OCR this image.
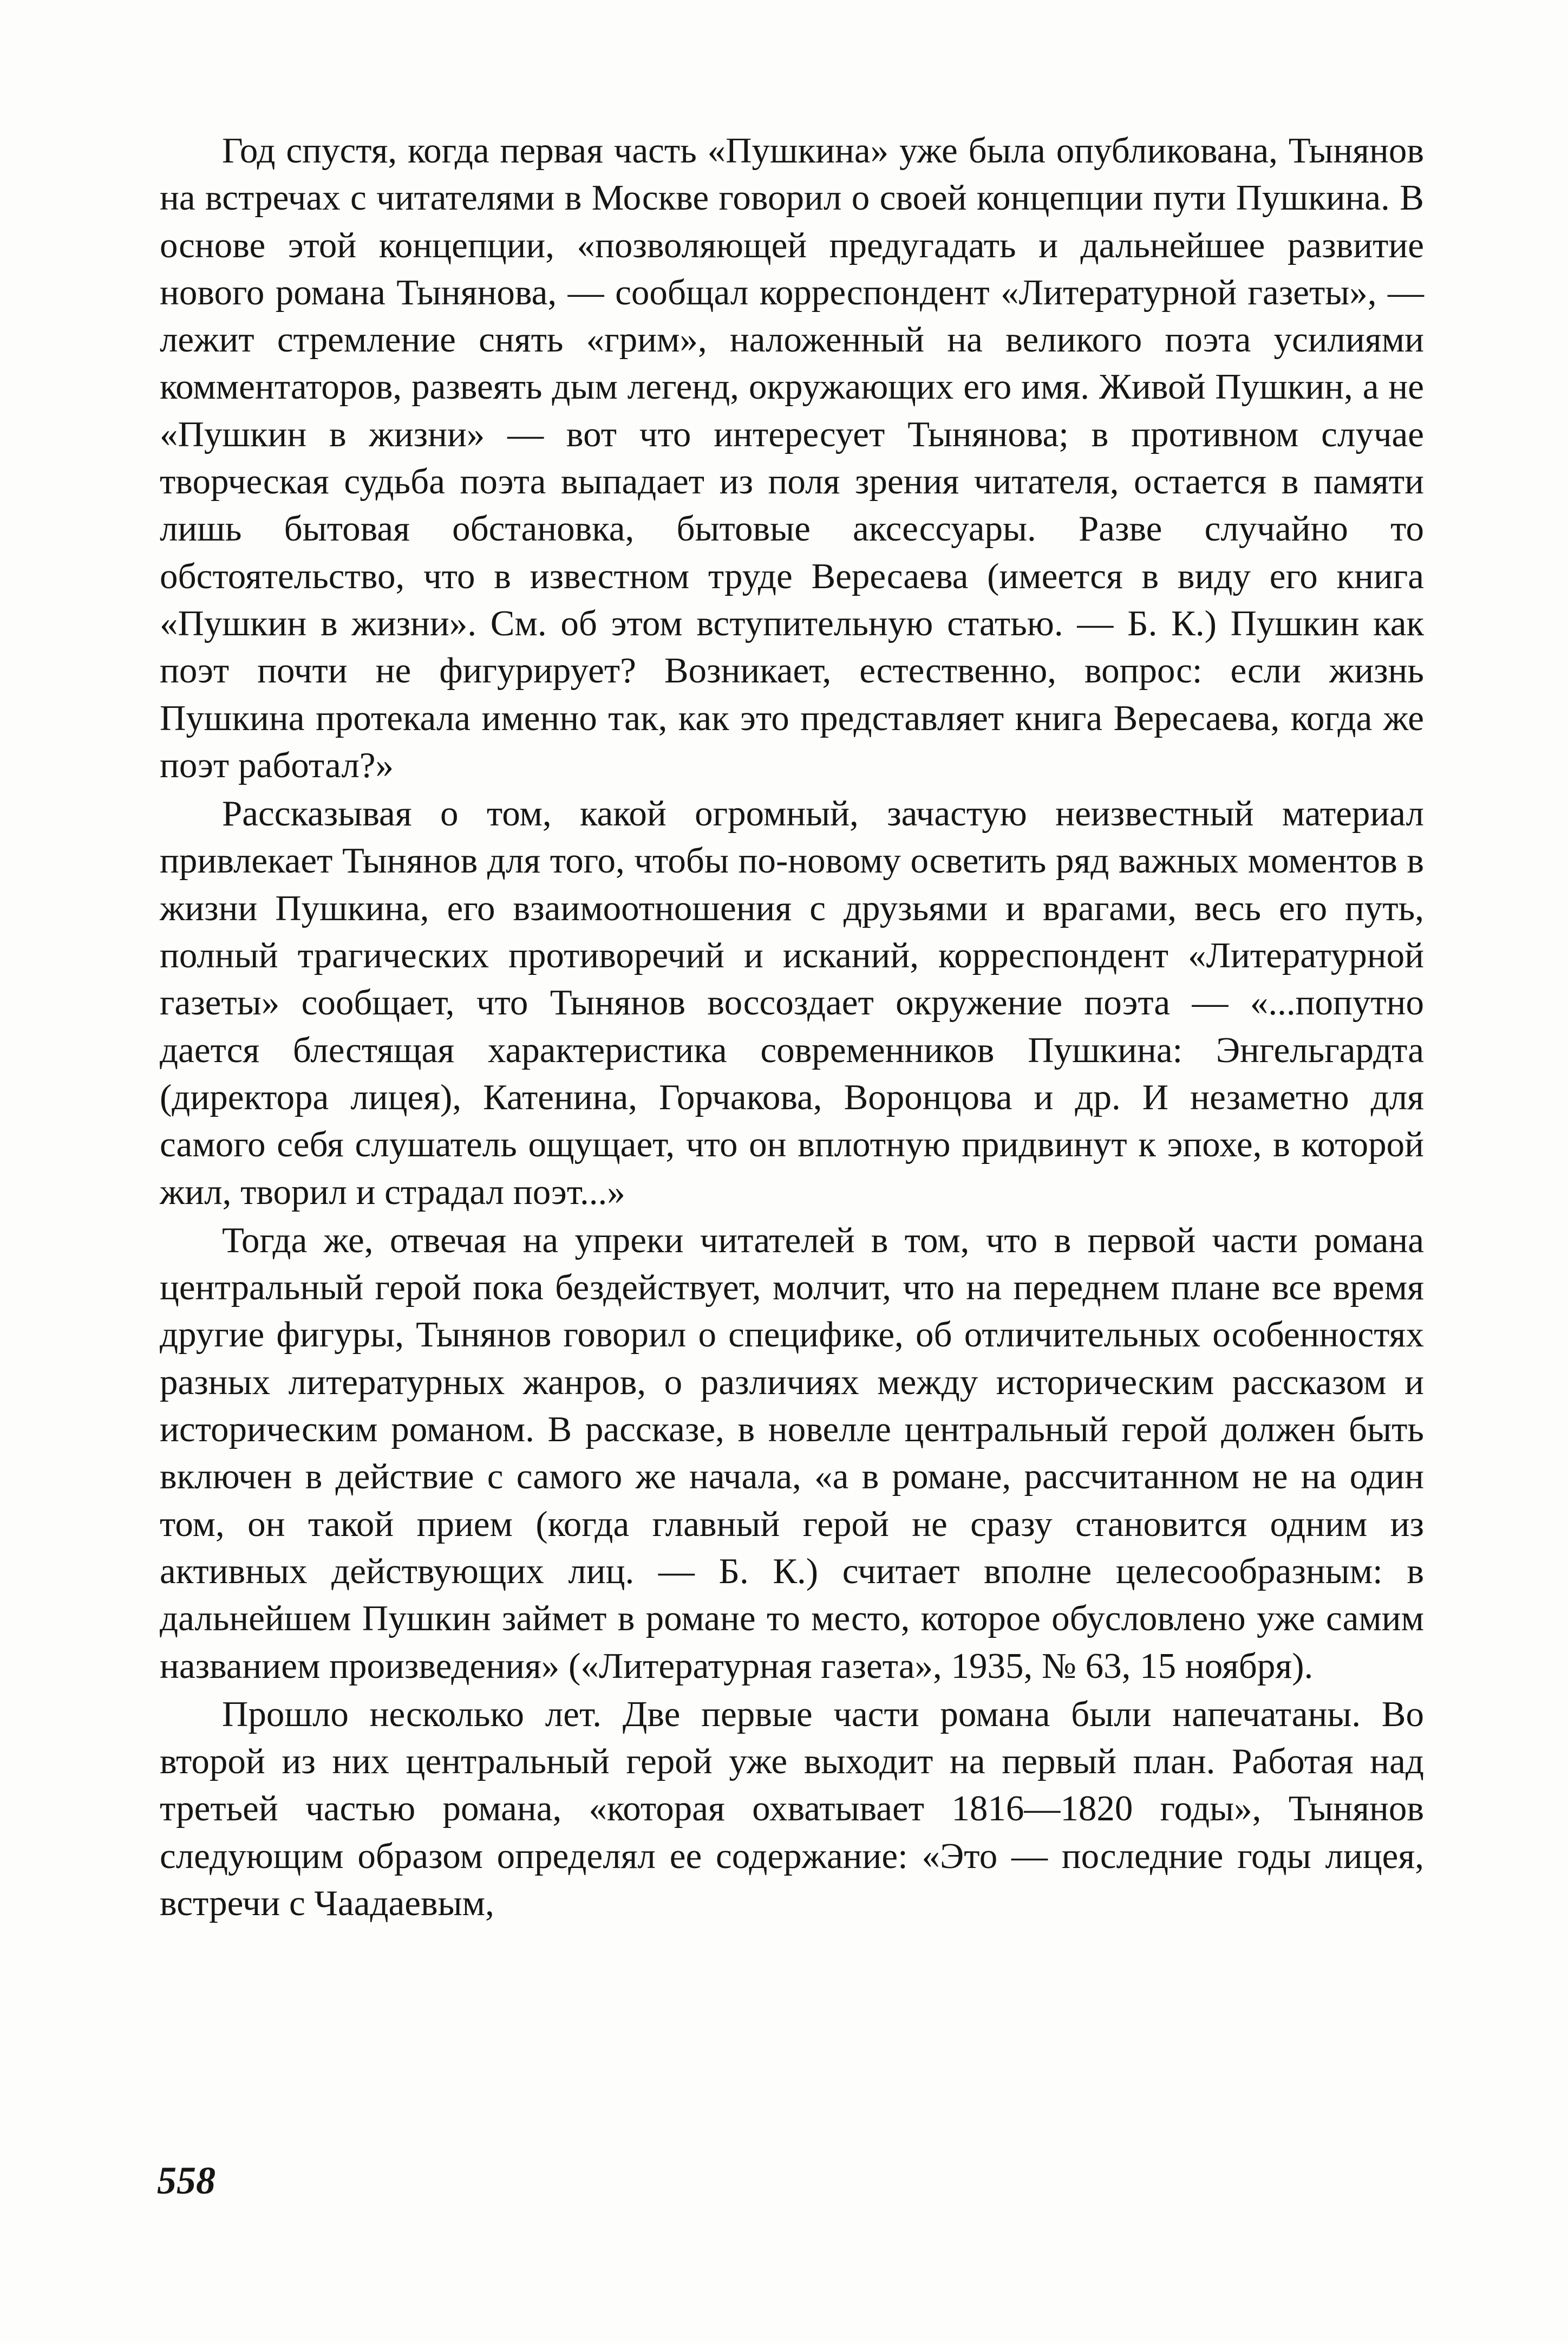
Год спустя, когда первая часть «Пушкина» уже была опубликована, Тынянов на встречах с читателями в Москве говорил о своей концепции пути Пушкина. В основе этой концепции, «позволяющей предугадать и дальнейшее развитие нового романа Тынянова, — сообщал корреспондент «Литературной газеты», — лежит стремление снять «грим», наложенный на великого поэта усилиями комментаторов, развеять дым легенд, окружающих его имя. Живой Пушкин, а не «Пушкин в жизни» — вот что интересует Тынянова; в противном случае творческая судьба поэта выпадает из поля зрения читателя, остается в памяти лишь бытовая обстановка, бытовые аксессуары. Разве случайно то обстоятельство, что в известном труде Вересаева (имеется в виду его книга «Пушкин в жизни». См. об этом вступительную статью. — Б. К.) Пушкин как поэт почти не фигурирует? Возникает, естественно, вопрос: если жизнь Пушкина протекала именно так, как это представляет книга Вересаева, когда же поэт работал?»

Рассказывая о том, какой огромный, зачастую неизвестный материал привлекает Тынянов для того, чтобы по-новому осветить ряд важных моментов в жизни Пушкина, его взаимоотношения с друзьями и врагами, весь его путь, полный трагических противоречий и исканий, корреспондент «Литературной газеты» сообщает, что Тынянов воссоздает окружение поэта — «...попутно дается блестящая характеристика современников Пушкина: Энгельгардта (директора лицея), Катенина, Горчакова, Воронцова и др. И незаметно для самого себя слушатель ощущает, что он вплотную придвинут к эпохе, в которой жил, творил и страдал поэт...»

Тогда же, отвечая на упреки читателей в том, что в первой части романа центральный герой пока бездействует, молчит, что на переднем плане все время другие фигуры, Тынянов говорил о специфике, об отличительных особенностях разных литературных жанров, о различиях между историческим рассказом и историческим романом. В рассказе, в новелле центральный герой должен быть включен в действие с самого же начала, «а в романе, рассчитанном не на один том, он такой прием (когда главный герой не сразу становится одним из активных действующих лиц. — Б. К.) считает вполне целесообразным: в дальнейшем Пушкин займет в романе то место, которое обусловлено уже самим названием произведения» («Литературная газета», 1935, № 63, 15 ноября).

Прошло несколько лет. Две первые части романа были напечатаны. Во второй из них центральный герой уже выходит на первый план. Работая над третьей частью романа, «которая охватывает 1816—1820 годы», Тынянов следующим образом определял ее содержание: «Это — последние годы лицея, встречи с Чаадаевым,

558
